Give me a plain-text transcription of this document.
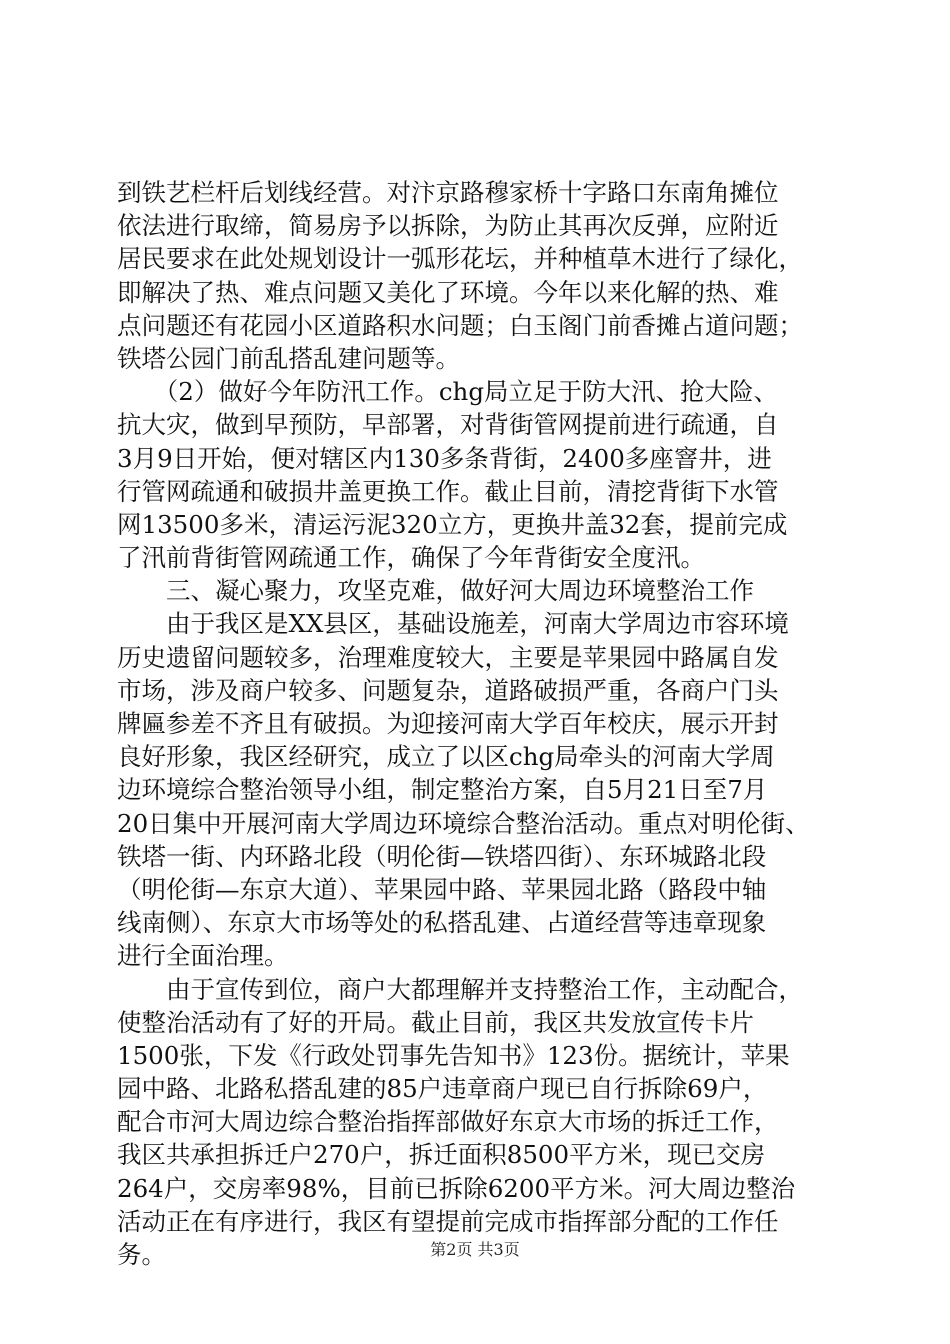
到铁艺栏杆后划线经营。对汴京路穆家桥十字路口东南角摊位
依法进行取缔，简易房予以拆除，为防止其再次反弹，应附近
居民要求在此处规划设计一弧形花坛，并种植草木进行了绿化，
即解决了热、难点问题又美化了环境。今年以来化解的热、难
点问题还有花园小区道路积水问题；白玉阁门前香摊占道问题；
铁塔公园门前乱搭乱建问题等。
　　（2）做好今年防汛工作。chg局立足于防大汛、抢大险、
抗大灾，做到早预防，早部署，对背街管网提前进行疏通，自
3月9日开始，便对辖区内130多条背街，2400多座窨井，进
行管网疏通和破损井盖更换工作。截止目前，清挖背街下水管
网13500多米，清运污泥320立方，更换井盖32套，提前完成
了汛前背街管网疏通工作，确保了今年背街安全度汛。
　　三、凝心聚力，攻坚克难，做好河大周边环境整治工作
　　由于我区是XX县区，基础设施差，河南大学周边市容环境
历史遗留问题较多，治理难度较大，主要是苹果园中路属自发
市场，涉及商户较多、问题复杂，道路破损严重，各商户门头
牌匾参差不齐且有破损。为迎接河南大学百年校庆，展示开封
良好形象，我区经研究，成立了以区chg局牵头的河南大学周
边环境综合整治领导小组，制定整治方案，自5月21日至7月
20日集中开展河南大学周边环境综合整治活动。重点对明伦街、
铁塔一街、内环路北段（明伦街—铁塔四街）、东环城路北段
（明伦街—东京大道）、苹果园中路、苹果园北路（路段中轴
线南侧）、东京大市场等处的私搭乱建、占道经营等违章现象
进行全面治理。
　　由于宣传到位，商户大都理解并支持整治工作，主动配合，
使整治活动有了好的开局。截止目前，我区共发放宣传卡片
1500张，下发《行政处罚事先告知书》123份。据统计，苹果
园中路、北路私搭乱建的85户违章商户现已自行拆除69户，
配合市河大周边综合整治指挥部做好东京大市场的拆迁工作，
我区共承担拆迁户270户，拆迁面积8500平方米，现已交房
264户，交房率98%，目前已拆除6200平方米。河大周边整治
活动正在有序进行，我区有望提前完成市指挥部分配的工作任
务。	第2页 共3页
